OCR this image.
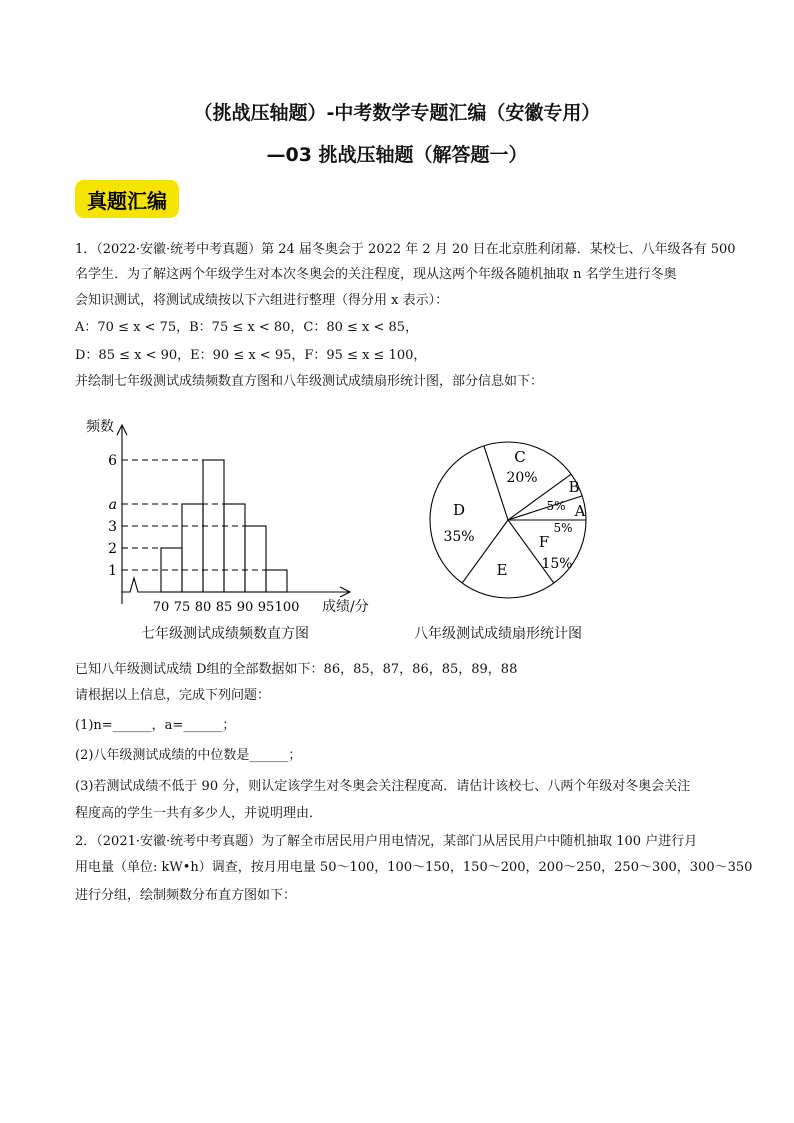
（挑战压轴题）-中考数学专题汇编（安徽专用）
—03 挑战压轴题（解答题一）
真题汇编
1．（2022·安徽·统考中考真题）第 24 届冬奥会于 2022 年 2 月 20 日在北京胜利闭幕．某校七、八年级各有 500
名学生．为了解这两个年级学生对本次冬奥会的关注程度，现从这两个年级各随机抽取 n 名学生进行冬奥
会知识测试，将测试成绩按以下六组进行整理（得分用 x 表示）：
A：70 ≤ x < 75，B：75 ≤ x < 80，C：80 ≤ x < 85，
D：85 ≤ x < 90，E：90 ≤ x < 95，F：95 ≤ x ≤ 100，
并绘制七年级测试成绩频数直方图和八年级测试成绩扇形统计图，部分信息如下：
1
2
3
a
6
70 75 80 85 90 95 100
频数
成绩/分
七年级测试成绩频数直方图
A
5%
B
5%
C
20%
D
35%
E
F
15%
八年级测试成绩扇形统计图
已知八年级测试成绩 D组的全部数据如下：86，85，87，86，85，89，88
请根据以上信息，完成下列问题：
(1)n=______，a=______；
(2)八年级测试成绩的中位数是______；
(3)若测试成绩不低于 90 分，则认定该学生对冬奥会关注程度高．请估计该校七、八两个年级对冬奥会关注
程度高的学生一共有多少人，并说明理由．
2．（2021·安徽·统考中考真题）为了解全市居民用户用电情况，某部门从居民用户中随机抽取 100 户进行月
用电量（单位: kW•h）调查，按月用电量 50～100，100～150，150～200，200～250，250～300，300～350
进行分组，绘制频数分布直方图如下：
